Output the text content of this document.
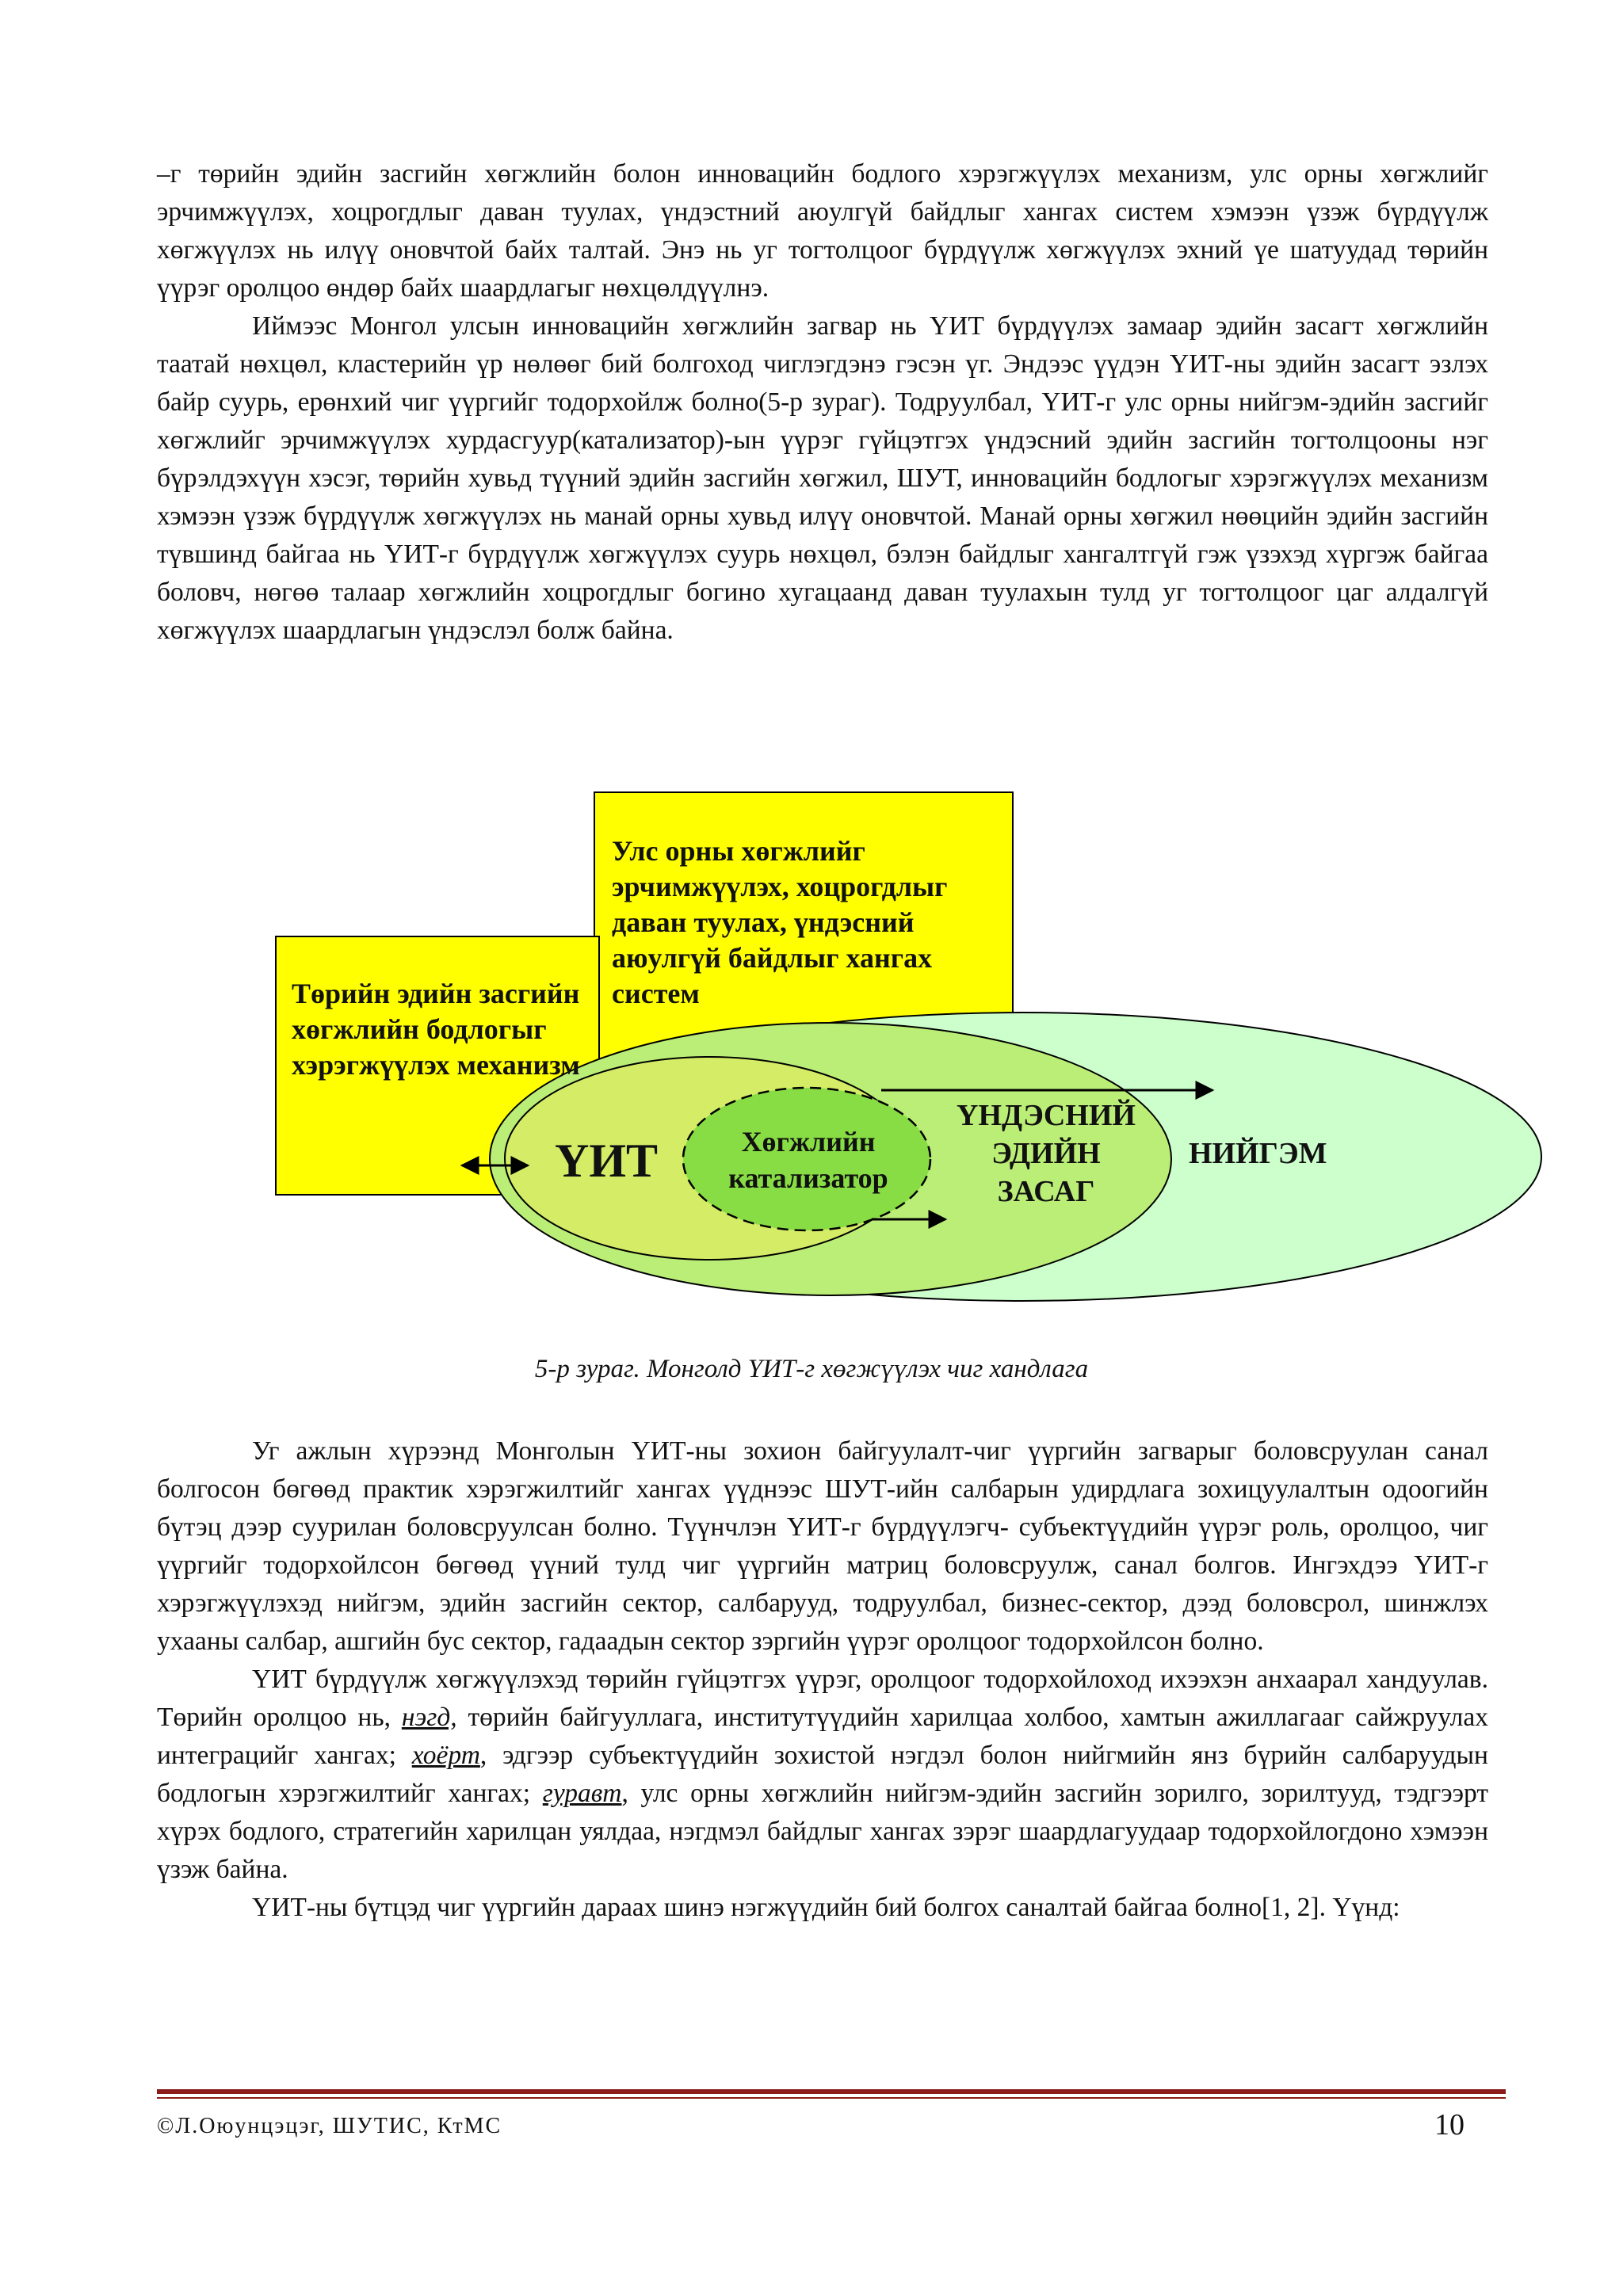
–г төрийн эдийн засгийн хөгжлийн болон инновацийн бодлого хэрэгжүүлэх механизм, улс орны хөгжлийг эрчимжүүлэх, хоцрогдлыг даван туулах, үндэстний аюулгүй байдлыг хангах систем хэмээн үзэж бүрдүүлж хөгжүүлэх нь илүү оновчтой байх талтай. Энэ нь уг тогтолцоог бүрдүүлж хөгжүүлэх эхний үе шатуудад төрийн үүрэг оролцоо өндөр байх шаардлагыг нөхцөлдүүлнэ.

Иймээс Монгол улсын инновацийн хөгжлийн загвар нь ҮИТ бүрдүүлэх замаар эдийн засагт хөгжлийн таатай нөхцөл, кластерийн үр нөлөөг бий болгоход чиглэгдэнэ гэсэн үг. Эндээс үүдэн ҮИТ-ны эдийн засагт эзлэх байр суурь, ерөнхий чиг үүргийг тодорхойлж болно(5-р зураг). Тодруулбал, ҮИТ-г улс орны нийгэм-эдийн засгийг хөгжлийг эрчимжүүлэх хурдасгуур(катализатор)-ын үүрэг гүйцэтгэх үндэсний эдийн засгийн тогтолцооны нэг бүрэлдэхүүн хэсэг, төрийн хувьд түүний эдийн засгийн хөгжил, ШУТ, инновацийн бодлогыг хэрэгжүүлэх механизм хэмээн үзэж бүрдүүлж хөгжүүлэх нь манай орны хувьд илүү оновчтой. Манай орны хөгжил нөөцийн эдийн засгийн түвшинд байгаа нь ҮИТ-г бүрдүүлж хөгжүүлэх суурь нөхцөл, бэлэн байдлыг хангалтгүй гэж үзэхэд хүргэж байгаа боловч, нөгөө талаар хөгжлийн хоцрогдлыг богино хугацаанд даван туулахын тулд уг тогтолцоог цаг алдалгүй хөгжүүлэх шаардлагын үндэслэл болж байна.

Улс орны хөгжлийг эрчимжүүлэх, хоцрогдлыг даван туулах, үндэсний аюулгүй байдлыг хангах систем
Төрийн эдийн засгийн хөгжлийн бодлогыг хэрэгжүүлэх механизм
ҮИТ	Хөгжлийн катализатор
ҮНДЭСНИЙ ЭДИЙН ЗАСАГ
НИЙГЭМ
5-р зураг. Монголд ҮИТ-г хөгжүүлэх чиг хандлага

Уг ажлын хүрээнд Монголын ҮИТ-ны зохион байгуулалт-чиг үүргийн загварыг боловсруулан санал болгосон бөгөөд практик хэрэгжилтийг хангах үүднээс ШУТ-ийн салбарын удирдлага зохицуулалтын одоогийн бүтэц дээр суурилан боловсруулсан болно. Түүнчлэн ҮИТ-г бүрдүүлэгч- субъектүүдийн үүрэг роль, оролцоо, чиг үүргийг тодорхойлсон бөгөөд үүний тулд чиг үүргийн матриц боловсруулж, санал болгов. Ингэхдээ ҮИТ-г хэрэгжүүлэхэд нийгэм, эдийн засгийн сектор, салбарууд, тодруулбал, бизнес-сектор, дээд боловсрол, шинжлэх ухааны салбар, ашгийн бус сектор, гадаадын сектор зэргийн үүрэг оролцоог тодорхойлсон болно.

ҮИТ бүрдүүлж хөгжүүлэхэд төрийн гүйцэтгэх үүрэг, оролцоог тодорхойлоход ихээхэн анхаарал хандуулав. Төрийн оролцоо нь, нэгд, төрийн байгууллага, институтүүдийн харилцаа холбоо, хамтын ажиллагааг сайжруулах интеграцийг хангах; хоёрт, эдгээр субъектүүдийн зохистой нэгдэл болон нийгмийн янз бүрийн салбаруудын бодлогын хэрэгжилтийг хангах; гуравт, улс орны хөгжлийн нийгэм-эдийн засгийн зорилго, зорилтууд, тэдгээрт хүрэх бодлого, стратегийн харилцан уялдаа, нэгдмэл байдлыг хангах зэрэг шаардлагуудаар тодорхойлогдоно хэмээн үзэж байна.

ҮИТ-ны бүтцэд чиг үүргийн дараах шинэ нэгжүүдийн бий болгох саналтай байгаа болно[1, 2]. Үүнд:

©Л.Оюунцэцэг, ШУТИС, КтМС	10
